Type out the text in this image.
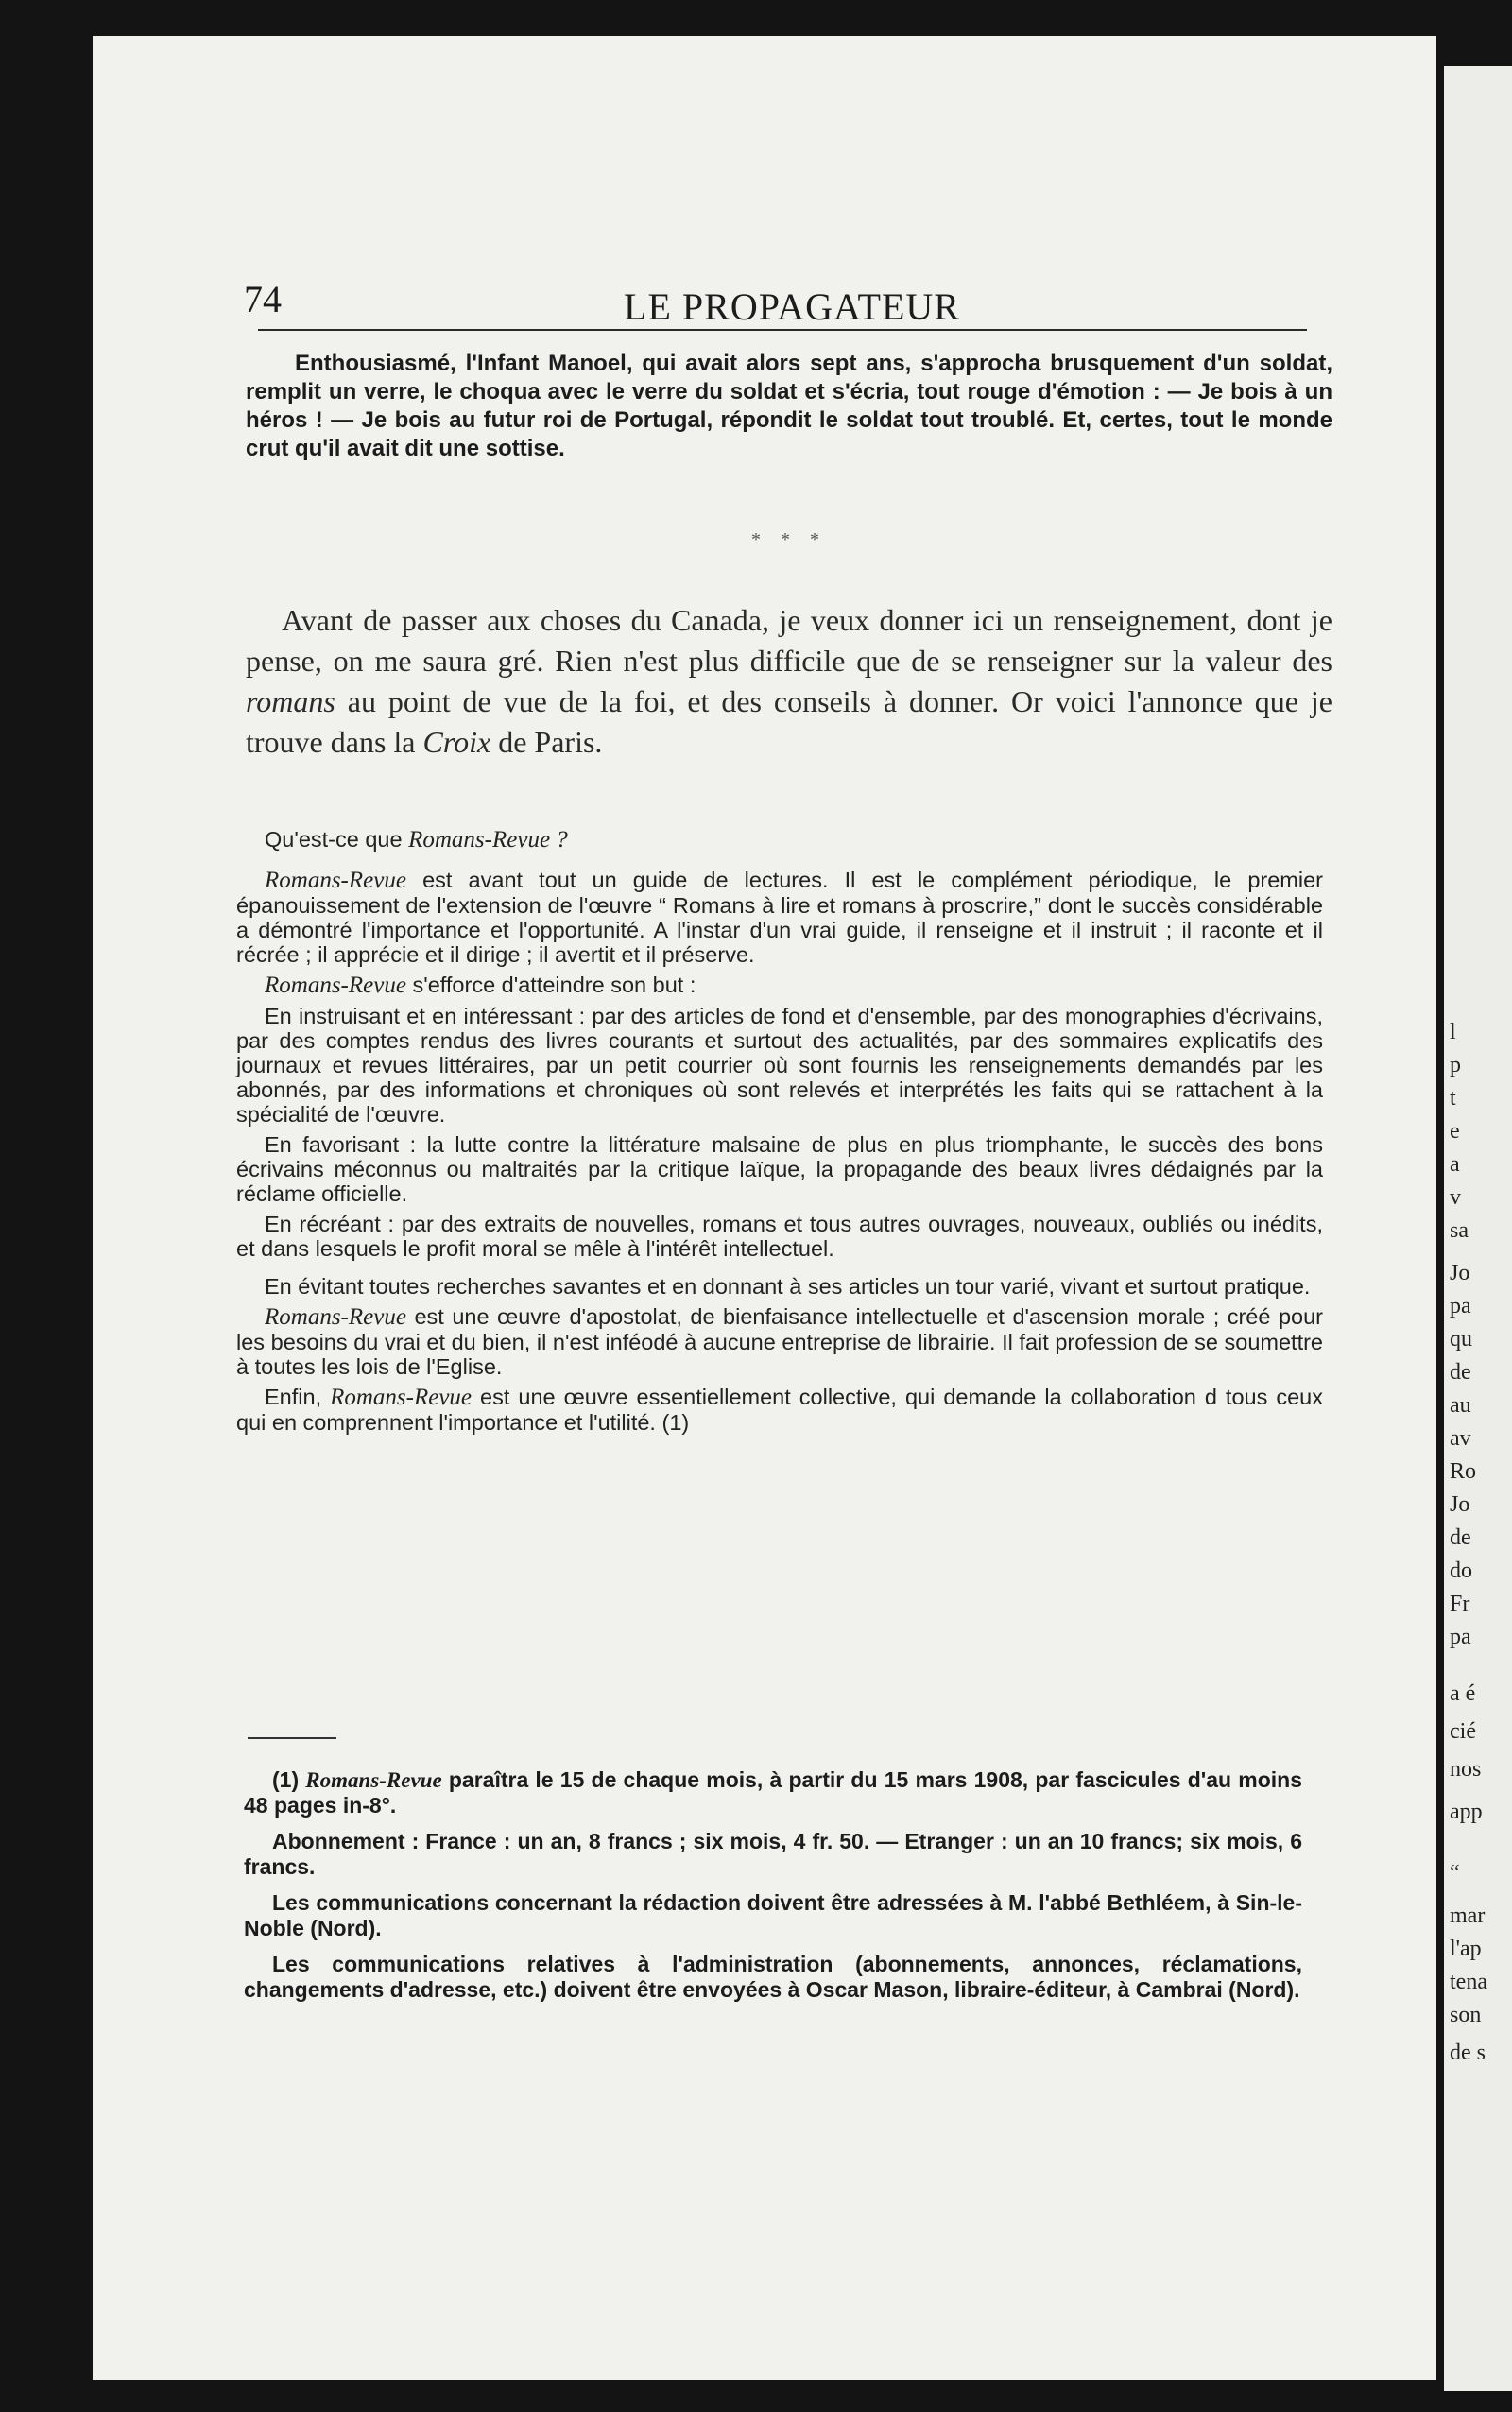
74	LE PROPAGATEUR

Enthousiasmé, l'Infant Manoel, qui avait alors sept ans, s'approcha brusquement d'un soldat, remplit un verre, le choqua avec le verre du soldat et s'écria, tout rouge d'émotion : — Je bois à un héros ! — Je bois au futur roi de Portugal, répondit le soldat tout troublé. Et, certes, tout le monde crut qu'il avait dit une sottise.

* * *

Avant de passer aux choses du Canada, je veux donner ici un renseignement, dont je pense, on me saura gré. Rien n'est plus difficile que de se renseigner sur la valeur des romans au point de vue de la foi, et des conseils à donner. Or voici l'annonce que je trouve dans la Croix de Paris.

Qu'est-ce que Romans-Revue ?

Romans-Revue est avant tout un guide de lectures. Il est le complément périodique, le premier épanouissement de l'extension de l'œuvre “ Romans à lire et romans à proscrire,” dont le succès considérable a démontré l'importance et l'opportunité. A l'instar d'un vrai guide, il renseigne et il instruit ; il raconte et il récrée ; il apprécie et il dirige ; il avertit et il préserve.

Romans-Revue s'efforce d'atteindre son but :

En instruisant et en intéressant : par des articles de fond et d'ensemble, par des monographies d'écrivains, par des comptes rendus des livres courants et surtout des actualités, par des sommaires explicatifs des journaux et revues littéraires, par un petit courrier où sont fournis les renseignements demandés par les abonnés, par des informations et chroniques où sont relevés et interprétés les faits qui se rattachent à la spécialité de l'œuvre.

En favorisant : la lutte contre la littérature malsaine de plus en plus triomphante, le succès des bons écrivains méconnus ou maltraités par la critique laïque, la propagande des beaux livres dédaignés par la réclame officielle.

En récréant : par des extraits de nouvelles, romans et tous autres ouvrages, nouveaux, oubliés ou inédits, et dans lesquels le profit moral se mêle à l'intérêt intellectuel.

En évitant toutes recherches savantes et en donnant à ses articles un tour varié, vivant et surtout pratique.

Romans-Revue est une œuvre d'apostolat, de bienfaisance intellectuelle et d'ascension morale ; créé pour les besoins du vrai et du bien, il n'est inféodé à aucune entreprise de librairie. Il fait profession de se soumettre à toutes les lois de l'Eglise.

Enfin, Romans-Revue est une œuvre essentiellement collective, qui demande la collaboration d tous ceux qui en comprennent l'importance et l'utilité. (1)

(1) Romans-Revue paraîtra le 15 de chaque mois, à partir du 15 mars 1908, par fascicules d'au moins 48 pages in-8°.

Abonnement : France : un an, 8 francs ; six mois, 4 fr. 50. — Etranger : un an 10 francs; six mois, 6 francs.

Les communications concernant la rédaction doivent être adressées à M. l'abbé Bethléem, à Sin-le-Noble (Nord).

Les communications relatives à l'administration (abonnements, annonces, réclamations, changements d'adresse, etc.) doivent être envoyées à Oscar Mason, libraire-éditeur, à Cambrai (Nord).

l
p
t
e
a
v
sa
Jo
pa
qu
de
au
av
Ro
Jo
de
do
Fr
pa
a é
cié
nos
app
“
mar
l'ap
tena
son
de s
